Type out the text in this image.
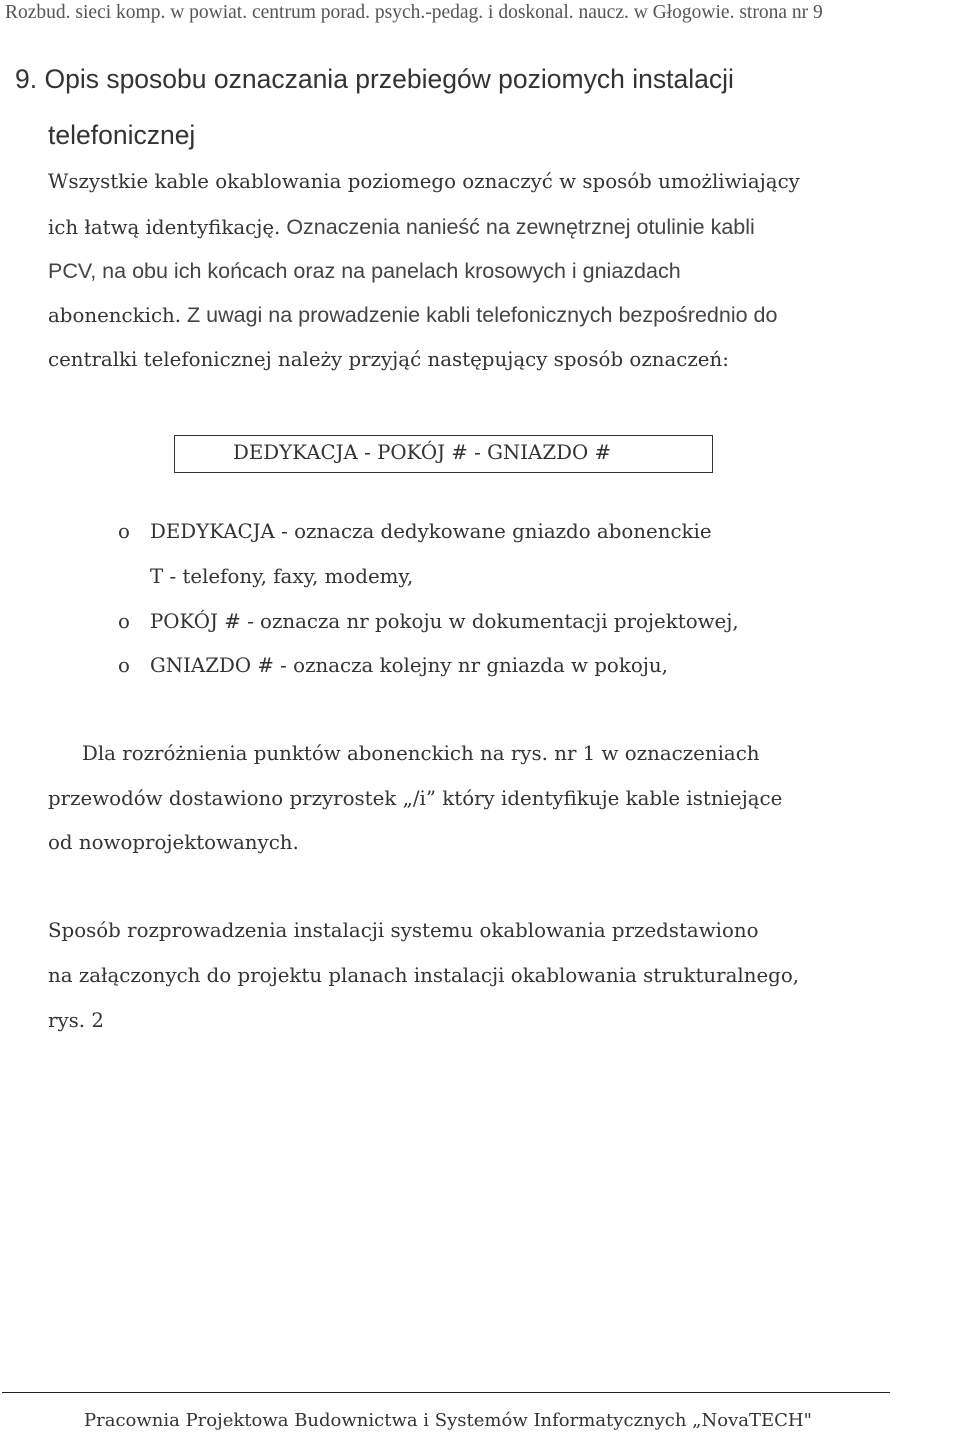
Rozbud. sieci komp. w powiat. centrum porad. psych.-pedag. i doskonal. naucz. w Głogowie. strona nr 9
9. Opis sposobu oznaczania przebiegów poziomych instalacji
telefonicznej
Wszystkie kable okablowania poziomego oznaczyć w sposób umożliwiający
ich łatwą identyfikację. Oznaczenia nanieść na zewnętrznej otulinie kabli
PCV, na obu ich końcach oraz na panelach krosowych i gniazdach
abonenckich. Z uwagi na prowadzenie kabli telefonicznych bezpośrednio do
centralki telefonicznej należy przyjąć następujący sposób oznaczeń:
DEDYKACJA - POKÓJ # - GNIAZDO #
o DEDYKACJA - oznacza dedykowane gniazdo abonenckie
T - telefony, faxy, modemy,
o POKÓJ # - oznacza nr pokoju w dokumentacji projektowej,
o GNIAZDO # - oznacza kolejny nr gniazda w pokoju,
Dla rozróżnienia punktów abonenckich na rys. nr 1 w oznaczeniach
przewodów dostawiono przyrostek „/i” który identyfikuje kable istniejące
od nowoprojektowanych.
Sposób rozprowadzenia instalacji systemu okablowania przedstawiono
na załączonych do projektu planach instalacji okablowania strukturalnego,
rys. 2
Pracownia Projektowa Budownictwa i Systemów Informatycznych „NovaTECH"
